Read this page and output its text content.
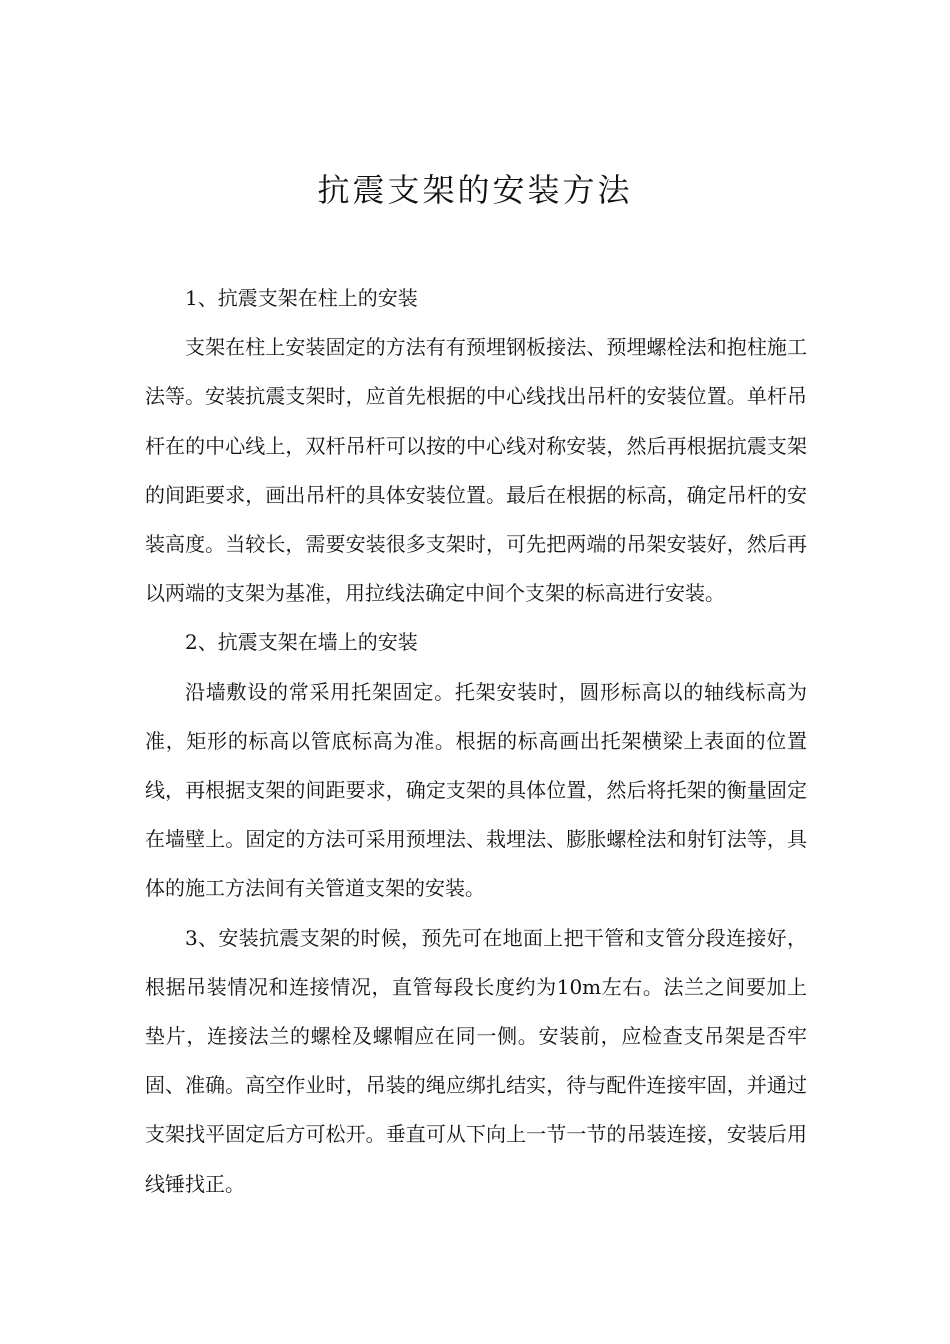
抗震支架的安装方法

1、抗震支架在柱上的安装

支架在柱上安装固定的方法有有预埋钢板接法、预埋螺栓法和抱柱施工法等。安装抗震支架时，应首先根据的中心线找出吊杆的安装位置。单杆吊杆在的中心线上，双杆吊杆可以按的中心线对称安装，然后再根据抗震支架的间距要求，画出吊杆的具体安装位置。最后在根据的标高，确定吊杆的安装高度。当较长，需要安装很多支架时，可先把两端的吊架安装好，然后再以两端的支架为基准，用拉线法确定中间个支架的标高进行安装。

2、抗震支架在墙上的安装

沿墙敷设的常采用托架固定。托架安装时，圆形标高以的轴线标高为准，矩形的标高以管底标高为准。根据的标高画出托架横梁上表面的位置线，再根据支架的间距要求，确定支架的具体位置，然后将托架的衡量固定在墙壁上。固定的方法可采用预埋法、栽埋法、膨胀螺栓法和射钉法等，具体的施工方法间有关管道支架的安装。

3、安装抗震支架的时候，预先可在地面上把干管和支管分段连接好，根据吊装情况和连接情况，直管每段长度约为10m左右。法兰之间要加上垫片，连接法兰的螺栓及螺帽应在同一侧。安装前，应检查支吊架是否牢固、准确。高空作业时，吊装的绳应绑扎结实，待与配件连接牢固，并通过支架找平固定后方可松开。垂直可从下向上一节一节的吊装连接，安装后用线锤找正。
